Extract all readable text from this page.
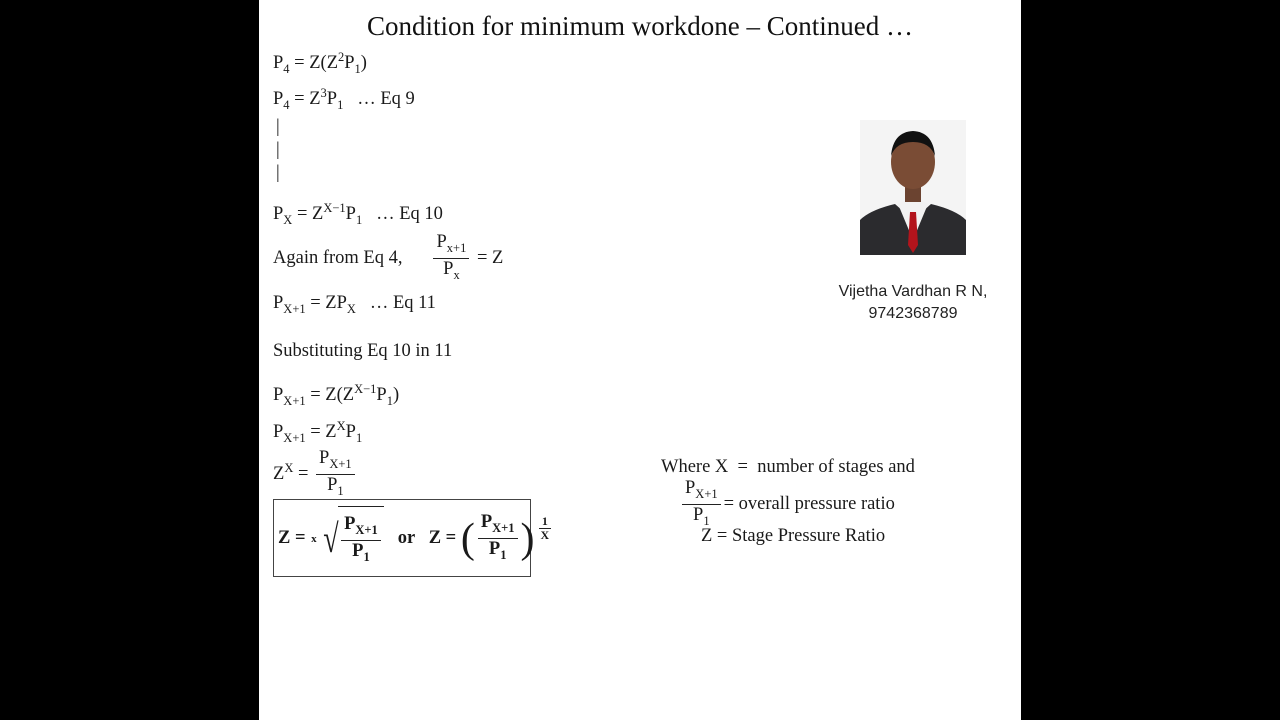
Condition for minimum workdone – Continued …
$P_4 = Z(Z^2P_1)$
$P_4 = Z^3P_1$   … Eq 9
|
|
|
$P_X = Z^{X-1}P_1$   … Eq 10
Again from Eq 4, $\frac{P_{x+1}}{P_x} = Z$
$P_{X+1} = ZP_X$   … Eq 11
Substituting Eq 10 in 11
$P_{X+1} = Z(Z^{X-1}P_1)$
$P_{X+1} = Z^XP_1$
$Z^X = \frac{P_{X+1}}{P_1}$
Z = x √ $\frac{P_{X+1}}{P_1}$ or   Z = ( $\frac{P_{X+1}}{P_1}$ ) $\frac{1}{X}$
Vijetha Vardhan R N,
9742368789
Where X  =  number of stages and
$\frac{P_{X+1}}{P_1}$ = overall pressure ratio
Z = Stage Pressure Ratio
